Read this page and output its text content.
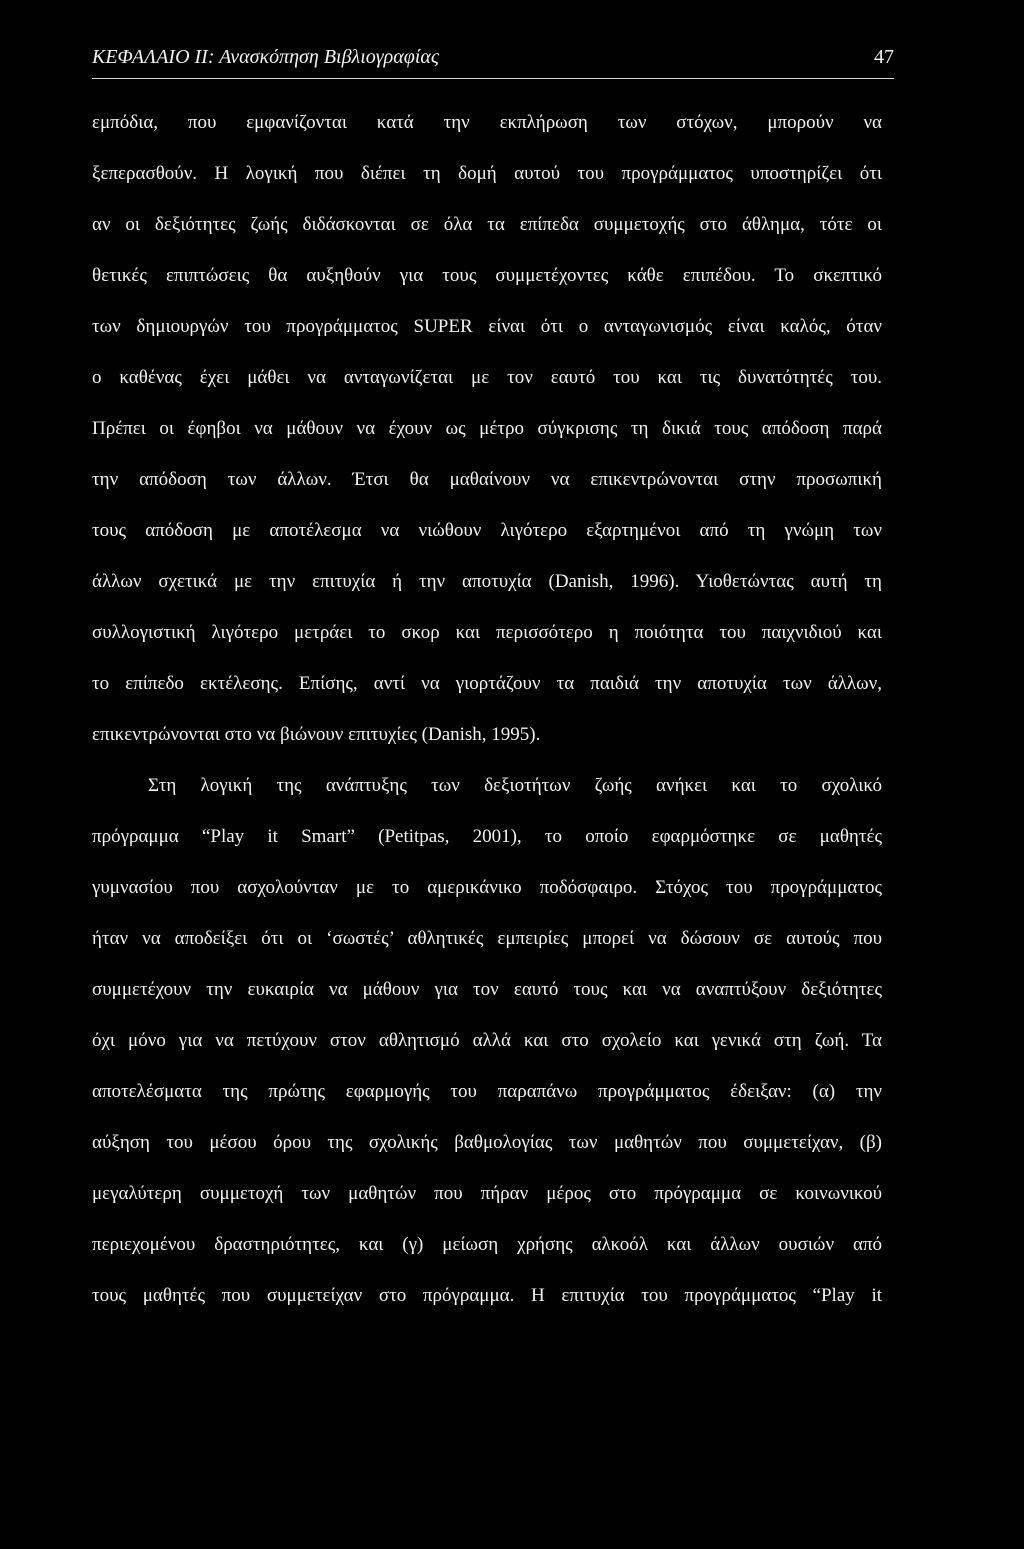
ΚΕΦΑΛΑΙΟ ΙΙ: Ανασκόπηση Βιβλιογραφίας	47
εμπόδια, που εμφανίζονται κατά την εκπλήρωση των στόχων, μπορούν να
ξεπερασθούν. Η λογική που διέπει τη δομή αυτού του προγράμματος υποστηρίζει ότι
αν οι δεξιότητες ζωής διδάσκονται σε όλα τα επίπεδα συμμετοχής στο άθλημα, τότε οι
θετικές επιπτώσεις θα αυξηθούν για τους συμμετέχοντες κάθε επιπέδου. Το σκεπτικό
των δημιουργών του προγράμματος SUPER είναι ότι ο ανταγωνισμός είναι καλός, όταν
ο καθένας έχει μάθει να ανταγωνίζεται με τον εαυτό του και τις δυνατότητές του.
Πρέπει οι έφηβοι να μάθουν να έχουν ως μέτρο σύγκρισης τη δικιά τους απόδοση παρά
την απόδοση των άλλων. Έτσι θα μαθαίνουν να επικεντρώνονται στην προσωπική
τους απόδοση με αποτέλεσμα να νιώθουν λιγότερο εξαρτημένοι από τη γνώμη των
άλλων σχετικά με την επιτυχία ή την αποτυχία (Danish, 1996). Υιοθετώντας αυτή τη
συλλογιστική λιγότερο μετράει το σκορ και περισσότερο η ποιότητα του παιχνιδιού και
το επίπεδο εκτέλεσης. Επίσης, αντί να γιορτάζουν τα παιδιά την αποτυχία των άλλων,
επικεντρώνονται στο να βιώνουν επιτυχίες (Danish, 1995).
Στη λογική της ανάπτυξης των δεξιοτήτων ζωής ανήκει και το σχολικό
πρόγραμμα “Play it Smart” (Petitpas, 2001), το οποίο εφαρμόστηκε σε μαθητές
γυμνασίου που ασχολούνταν με το αμερικάνικο ποδόσφαιρο. Στόχος του προγράμματος
ήταν να αποδείξει ότι οι ‘σωστές’ αθλητικές εμπειρίες μπορεί να δώσουν σε αυτούς που
συμμετέχουν την ευκαιρία να μάθουν για τον εαυτό τους και να αναπτύξουν δεξιότητες
όχι μόνο για να πετύχουν στον αθλητισμό αλλά και στο σχολείο και γενικά στη ζωή. Τα
αποτελέσματα της πρώτης εφαρμογής του παραπάνω προγράμματος έδειξαν: (α) την
αύξηση του μέσου όρου της σχολικής βαθμολογίας των μαθητών που συμμετείχαν, (β)
μεγαλύτερη συμμετοχή των μαθητών που πήραν μέρος στο πρόγραμμα σε κοινωνικού
περιεχομένου δραστηριότητες, και (γ) μείωση χρήσης αλκοόλ και άλλων ουσιών από
τους μαθητές που συμμετείχαν στο πρόγραμμα. Η επιτυχία του προγράμματος “Play it
